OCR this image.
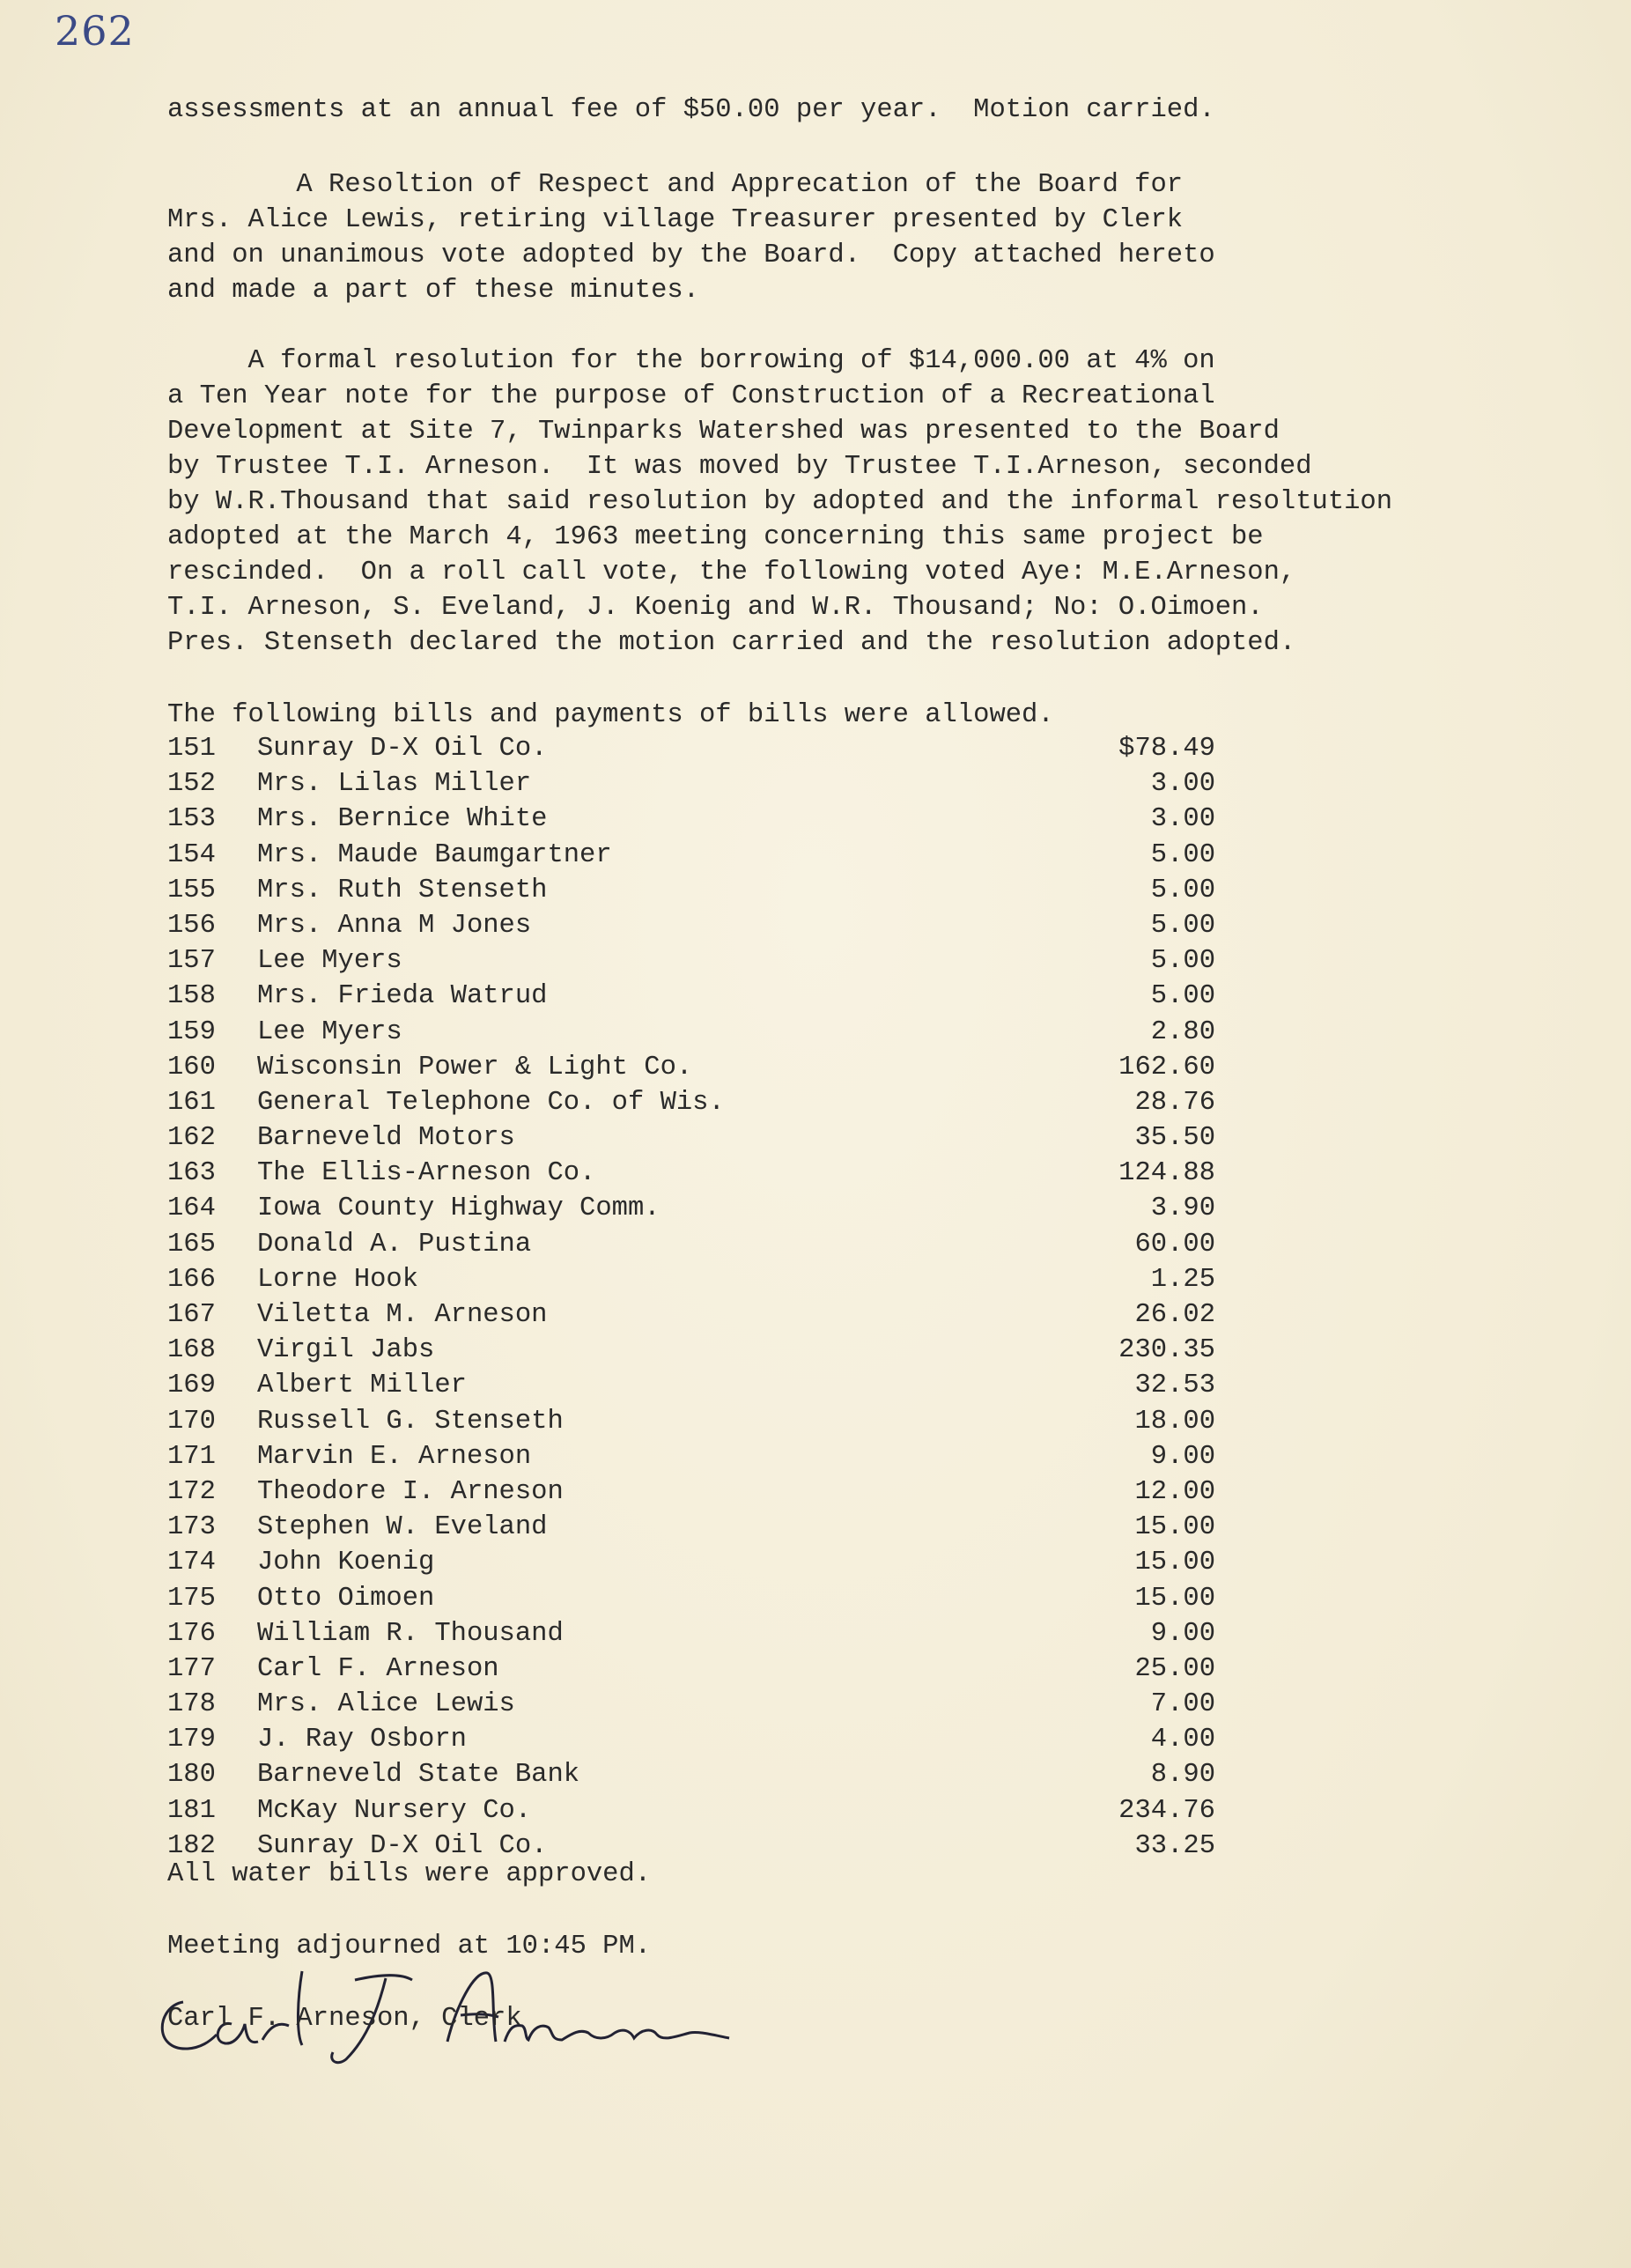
262
assessments at an annual fee of $50.00 per year.  Motion carried.
A Resoltion of Respect and Apprecation of the Board for
Mrs. Alice Lewis, retiring village Treasurer presented by Clerk
and on unanimous vote adopted by the Board.  Copy attached hereto
and made a part of these minutes.
A formal resolution for the borrowing of $14,000.00 at 4% on
a Ten Year note for the purpose of Construction of a Recreational
Development at Site 7, Twinparks Watershed was presented to the Board
by Trustee T.I. Arneson.  It was moved by Trustee T.I.Arneson, seconded
by W.R.Thousand that said resolution by adopted and the informal resoltution
adopted at the March 4, 1963 meeting concerning this same project be
rescinded.  On a roll call vote, the following voted Aye: M.E.Arneson,
T.I. Arneson, S. Eveland, J. Koenig and W.R. Thousand; No: O.Oimoen.
Pres. Stenseth declared the motion carried and the resolution adopted.
The following bills and payments of bills were allowed.
151	Sunray D-X Oil Co.	$78.49
152	Mrs. Lilas Miller	3.00
153	Mrs. Bernice White	3.00
154	Mrs. Maude Baumgartner	5.00
155	Mrs. Ruth Stenseth	5.00
156	Mrs. Anna M Jones	5.00
157	Lee Myers	5.00
158	Mrs. Frieda Watrud	5.00
159	Lee Myers	2.80
160	Wisconsin Power & Light Co.	162.60
161	General Telephone Co. of Wis.	28.76
162	Barneveld Motors	35.50
163	The Ellis-Arneson Co.	124.88
164	Iowa County Highway Comm.	3.90
165	Donald A. Pustina	60.00
166	Lorne Hook	1.25
167	Viletta M. Arneson	26.02
168	Virgil Jabs	230.35
169	Albert Miller	32.53
170	Russell G. Stenseth	18.00
171	Marvin E. Arneson	9.00
172	Theodore I. Arneson	12.00
173	Stephen W. Eveland	15.00
174	John Koenig	15.00
175	Otto Oimoen	15.00
176	William R. Thousand	9.00
177	Carl F. Arneson	25.00
178	Mrs. Alice Lewis	7.00
179	J. Ray Osborn	4.00
180	Barneveld State Bank	8.90
181	McKay Nursery Co.	234.76
182	Sunray D-X Oil Co.	33.25
All water bills were approved.
Meeting adjourned at 10:45 PM.
Carl F. Arneson, Clerk
